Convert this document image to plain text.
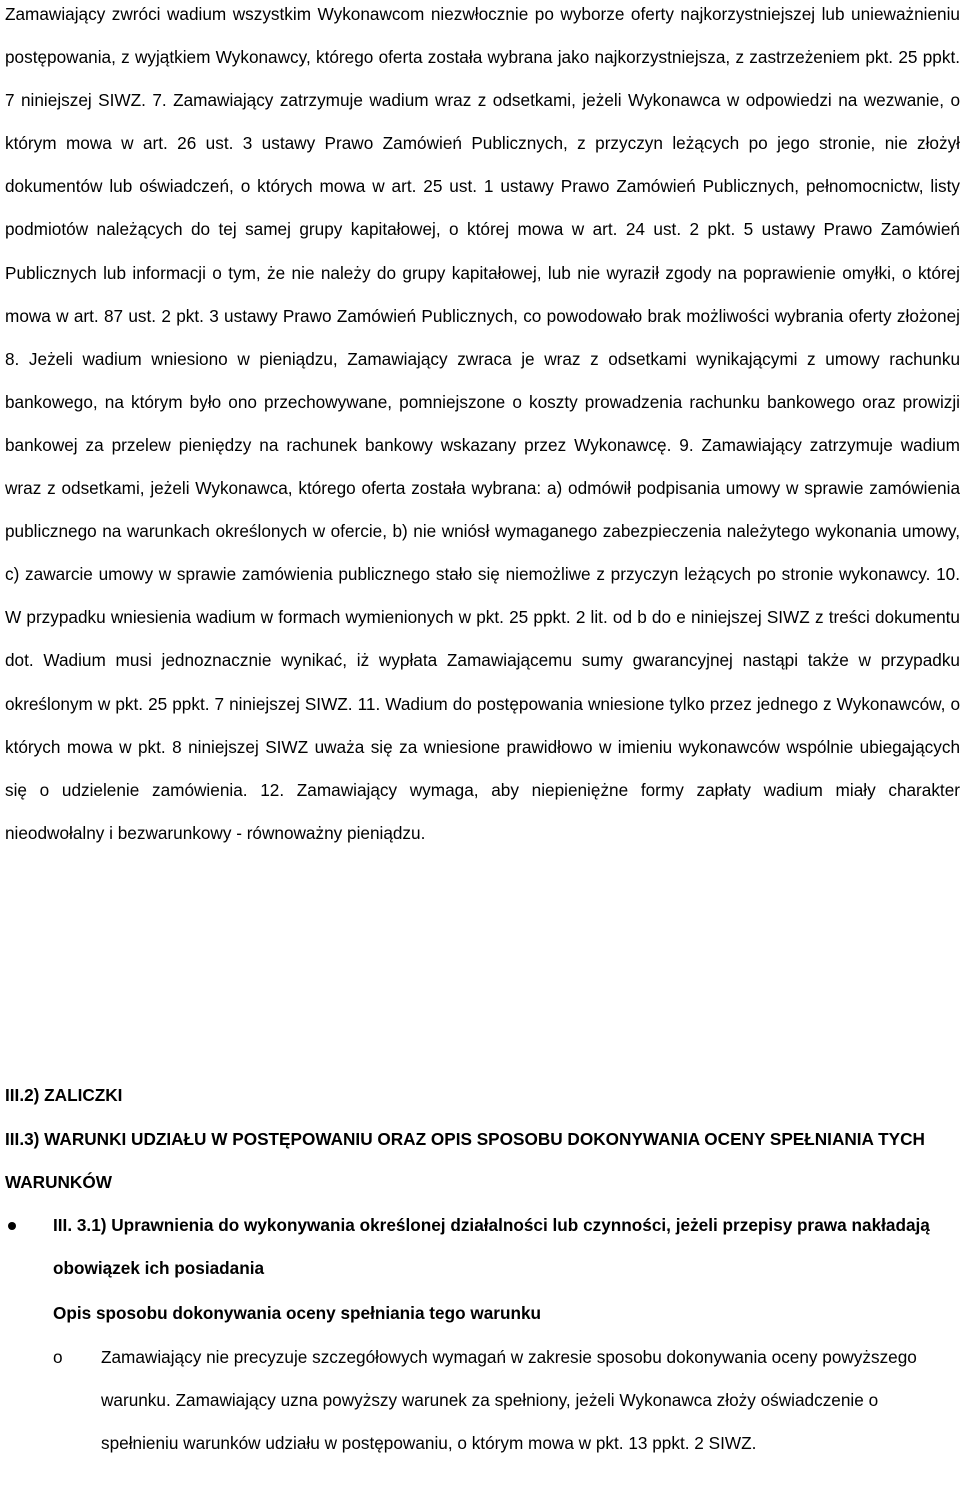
Zamawiający zwróci wadium wszystkim Wykonawcom niezwłocznie po wyborze oferty najkorzystniejszej lub unieważnieniu postępowania, z wyjątkiem Wykonawcy, którego oferta została wybrana jako najkorzystniejsza, z zastrzeżeniem pkt. 25 ppkt. 7 niniejszej SIWZ. 7. Zamawiający zatrzymuje wadium wraz z odsetkami, jeżeli Wykonawca w odpowiedzi na wezwanie, o którym mowa w art. 26 ust. 3 ustawy Prawo Zamówień Publicznych, z przyczyn leżących po jego stronie, nie złożył dokumentów lub oświadczeń, o których mowa w art. 25 ust. 1 ustawy Prawo Zamówień Publicznych, pełnomocnictw, listy podmiotów należących do tej samej grupy kapitałowej, o której mowa w art. 24 ust. 2 pkt. 5 ustawy Prawo Zamówień Publicznych lub informacji o tym, że nie należy do grupy kapitałowej, lub nie wyraził zgody na poprawienie omyłki, o której mowa w art. 87 ust. 2 pkt. 3 ustawy Prawo Zamówień Publicznych, co powodowało brak możliwości wybrania oferty złożonej 8. Jeżeli wadium wniesiono w pieniądzu, Zamawiający zwraca je wraz z odsetkami wynikającymi z umowy rachunku bankowego, na którym było ono przechowywane, pomniejszone o koszty prowadzenia rachunku bankowego oraz prowizji bankowej za przelew pieniędzy na rachunek bankowy wskazany przez Wykonawcę. 9. Zamawiający zatrzymuje wadium wraz z odsetkami, jeżeli Wykonawca, którego oferta została wybrana: a) odmówił podpisania umowy w sprawie zamówienia publicznego na warunkach określonych w ofercie, b) nie wniósł wymaganego zabezpieczenia należytego wykonania umowy, c) zawarcie umowy w sprawie zamówienia publicznego stało się niemożliwe z przyczyn leżących po stronie wykonawcy. 10. W przypadku wniesienia wadium w formach wymienionych w pkt. 25 ppkt. 2 lit. od b do e niniejszej SIWZ z treści dokumentu dot. Wadium musi jednoznacznie wynikać, iż wypłata Zamawiającemu sumy gwarancyjnej nastąpi także w przypadku określonym w pkt. 25 ppkt. 7 niniejszej SIWZ. 11. Wadium do postępowania wniesione tylko przez jednego z Wykonawców, o których mowa w pkt. 8 niniejszej SIWZ uważa się za wniesione prawidłowo w imieniu wykonawców wspólnie ubiegających się o udzielenie zamówienia. 12. Zamawiający wymaga, aby niepieniężne formy zapłaty wadium miały charakter nieodwołalny i bezwarunkowy - równoważny pieniądzu.

III.2) ZALICZKI

III.3) WARUNKI UDZIAŁU W POSTĘPOWANIU ORAZ OPIS SPOSOBU DOKONYWANIA OCENY SPEŁNIANIA TYCH WARUNKÓW

III. 3.1) Uprawnienia do wykonywania określonej działalności lub czynności, jeżeli przepisy prawa nakładają obowiązek ich posiadania

Opis sposobu dokonywania oceny spełniania tego warunku

o Zamawiający nie precyzuje szczegółowych wymagań w zakresie sposobu dokonywania oceny powyższego warunku. Zamawiający uzna powyższy warunek za spełniony, jeżeli Wykonawca złoży oświadczenie o spełnieniu warunków udziału w postępowaniu, o którym mowa w pkt. 13 ppkt. 2 SIWZ.
